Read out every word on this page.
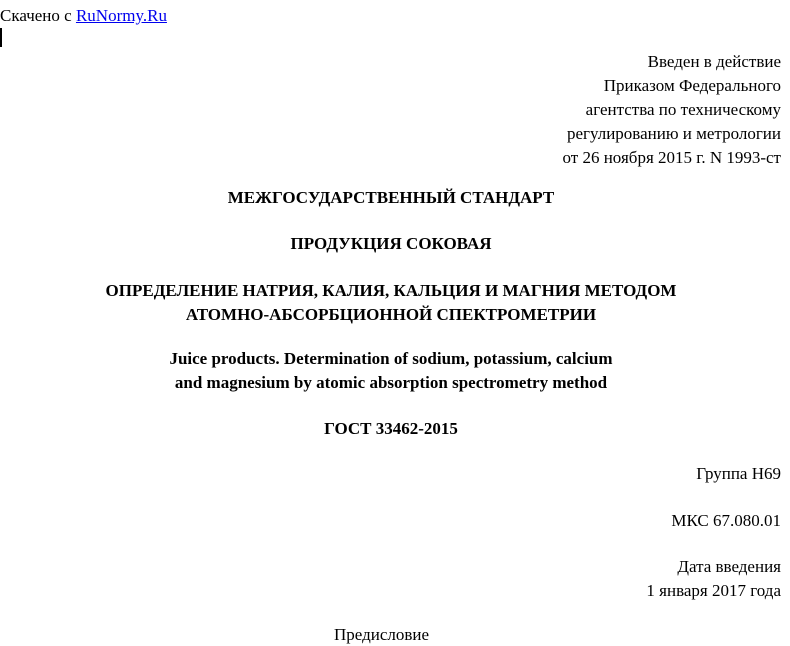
Скачено с RuNormy.Ru
Введен в действие
Приказом Федерального
агентства по техническому
регулированию и метрологии
от 26 ноября 2015 г. N 1993-ст
МЕЖГОСУДАРСТВЕННЫЙ СТАНДАРТ
ПРОДУКЦИЯ СОКОВАЯ
ОПРЕДЕЛЕНИЕ НАТРИЯ, КАЛИЯ, КАЛЬЦИЯ И МАГНИЯ МЕТОДОМ
АТОМНО-АБСОРБЦИОННОЙ СПЕКТРОМЕТРИИ
Juice products. Determination of sodium, potassium, calcium
and magnesium by atomic absorption spectrometry method
ГОСТ 33462-2015
Группа Н69
МКС 67.080.01
Дата введения
1 января 2017 года
Предисловие
